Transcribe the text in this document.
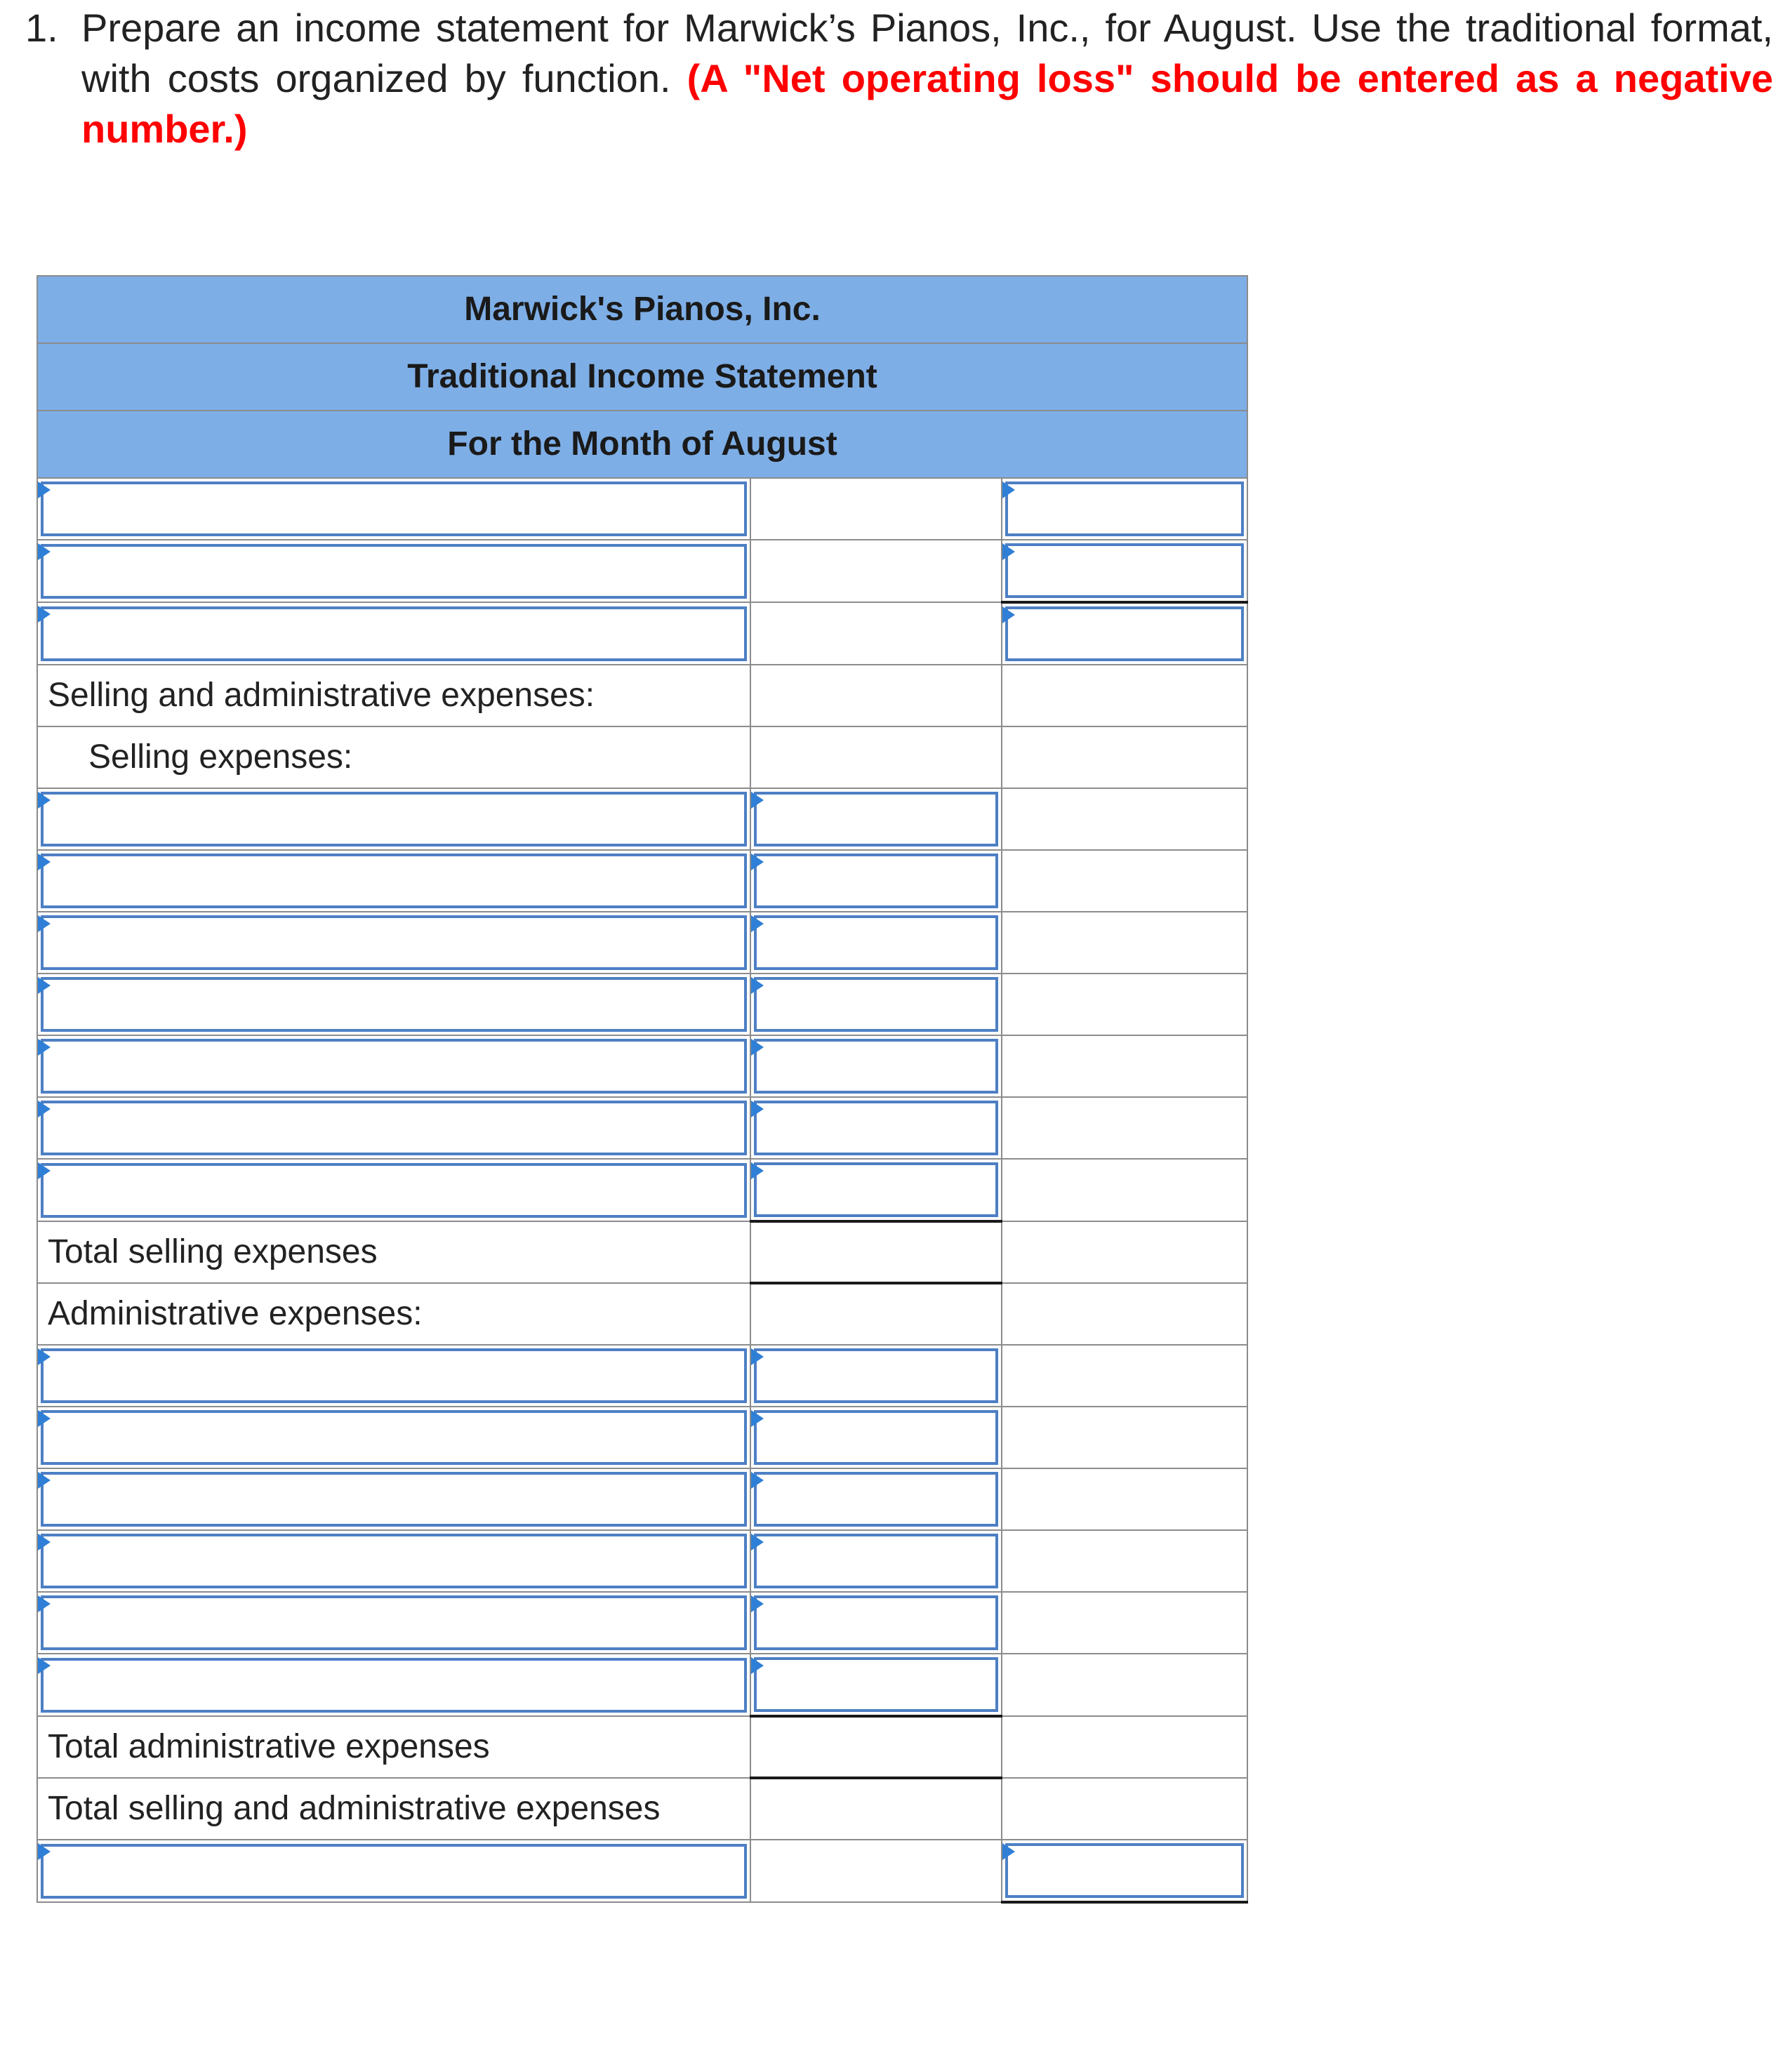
1. Prepare an income statement for Marwick’s Pianos, Inc., for August. Use the traditional format, with costs organized by function. (A "Net operating loss" should be entered as a negative number.)
Marwick's Pianos, Inc.		
Traditional Income Statement		
For the Month of August		

Selling and administrative expenses:		
Selling expenses:		

Total selling expenses		
Administrative expenses:		

Total administrative expenses		
Total selling and administrative expenses		
